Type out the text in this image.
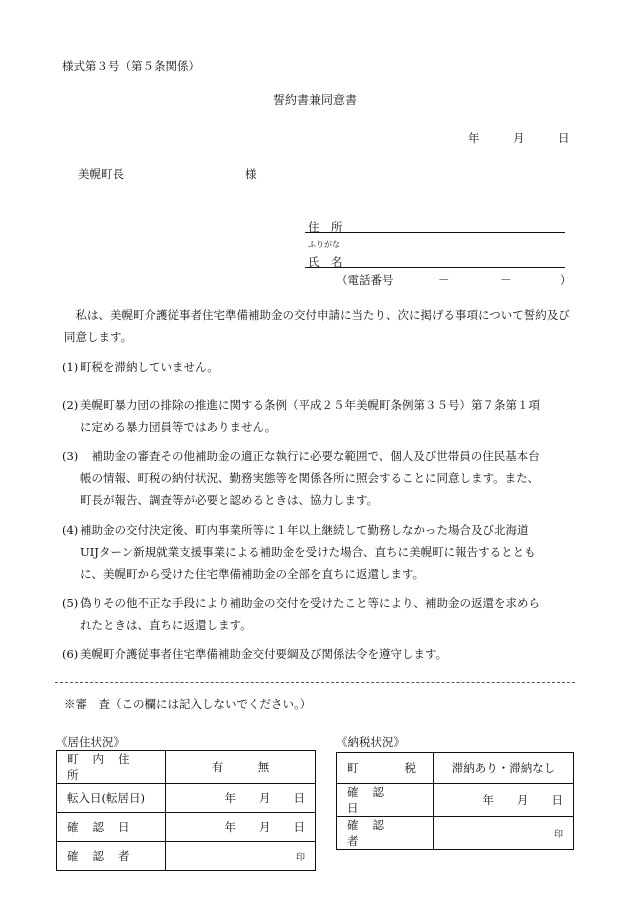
様式第３号（第５条関係）
誓約書兼同意書
年	月	日
美幌町長	様
住　所
ふりがな
氏　名
（電話番号	－	－	）
私は、美幌町介護従事者住宅準備補助金の交付申請に当たり、次に掲げる事項について誓約及び同意します。
(1) 町税を滞納していません。
(2) 美幌町暴力団の排除の推進に関する条例（平成２５年美幌町条例第３５号）第７条第１項
に定める暴力団員等ではありません。
(3) 　補助金の審査その他補助金の適正な執行に必要な範囲で、個人及び世帯員の住民基本台
帳の情報、町税の納付状況、勤務実態等を関係各所に照会することに同意します。また、
町長が報告、調査等が必要と認めるときは、協力します。
(4) 補助金の交付決定後、町内事業所等に１年以上継続して勤務しなかった場合及び北海道
UIJターン新規就業支援事業による補助金を受けた場合、直ちに美幌町に報告するととも
に、美幌町から受けた住宅準備補助金の全部を直ちに返還します。
(5) 偽りその他不正な手段により補助金の交付を受けたこと等により、補助金の返還を求めら
れたときは、直ちに返還します。
(6) 美幌町介護従事者住宅準備補助金交付要綱及び関係法令を遵守します。
※審　査（この欄には記入しないでください。）
《居住状況》
町内住所	有　　　無
転入日(転居日)	年　　月　　日
確認日	年　　月　　日
確認者	印
《納税状況》
町　　　　税	滞納あり・滞納なし
確認日	年　　月　　日
確認者	印
